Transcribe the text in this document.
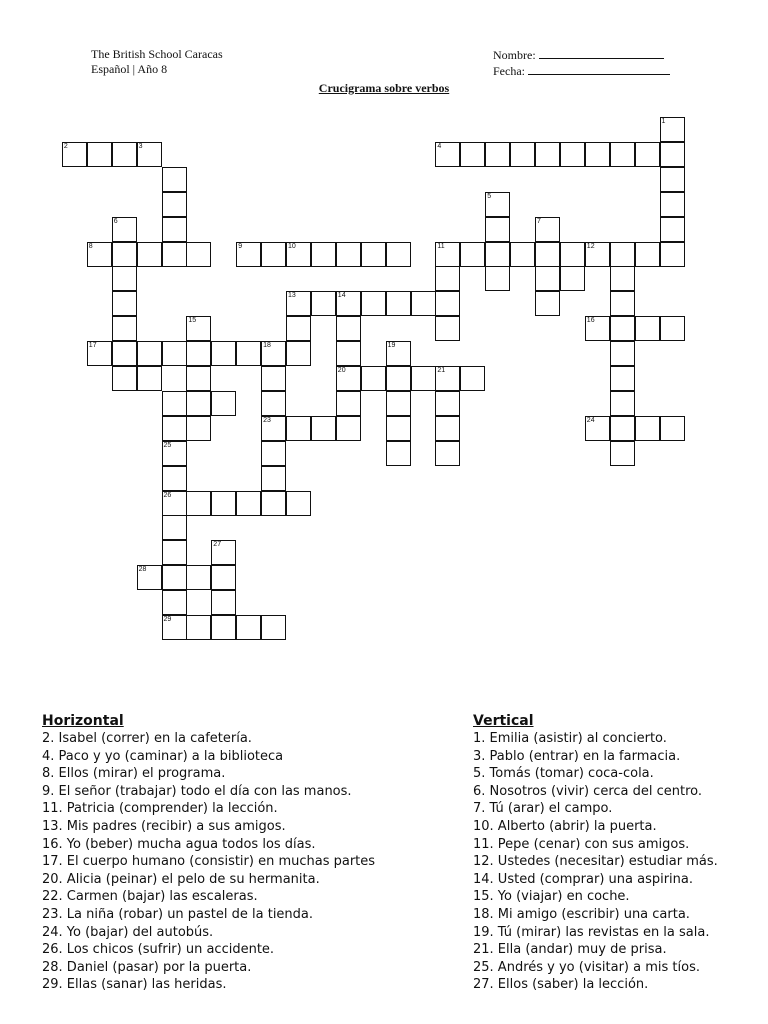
The British School Caracas
Español | Año 8
Nombre:
Fecha:
Crucigrama sobre verbos
1
2	3	4
5
6	7
8	9	10	11	12
13	14
15	16
17	18	19
20	21
23	24
25
26
27
28
29
Horizontal
2. Isabel (correr) en la cafetería.
4. Paco y yo (caminar) a la biblioteca
8. Ellos (mirar) el programa.
9. El señor (trabajar) todo el día con las manos.
11. Patricia (comprender) la lección.
13. Mis padres (recibir) a sus amigos.
16. Yo (beber) mucha agua todos los días.
17. El cuerpo humano (consistir) en muchas partes
20. Alicia (peinar) el pelo de su hermanita.
22. Carmen (bajar) las escaleras.
23. La niña (robar) un pastel de la tienda.
24. Yo (bajar) del autobús.
26. Los chicos (sufrir) un accidente.
28. Daniel (pasar) por la puerta.
29. Ellas (sanar) las heridas.
Vertical
1. Emilia (asistir) al concierto.
3. Pablo (entrar) en la farmacia.
5. Tomás (tomar) coca-cola.
6. Nosotros (vivir) cerca del centro.
7. Tú (arar) el campo.
10. Alberto (abrir) la puerta.
11. Pepe (cenar) con sus amigos.
12. Ustedes (necesitar) estudiar más.
14. Usted (comprar) una aspirina.
15. Yo (viajar) en coche.
18. Mi amigo (escribir) una carta.
19. Tú (mirar) las revistas en la sala.
21. Ella (andar) muy de prisa.
25. Andrés y yo (visitar) a mis tíos.
27. Ellos (saber) la lección.
